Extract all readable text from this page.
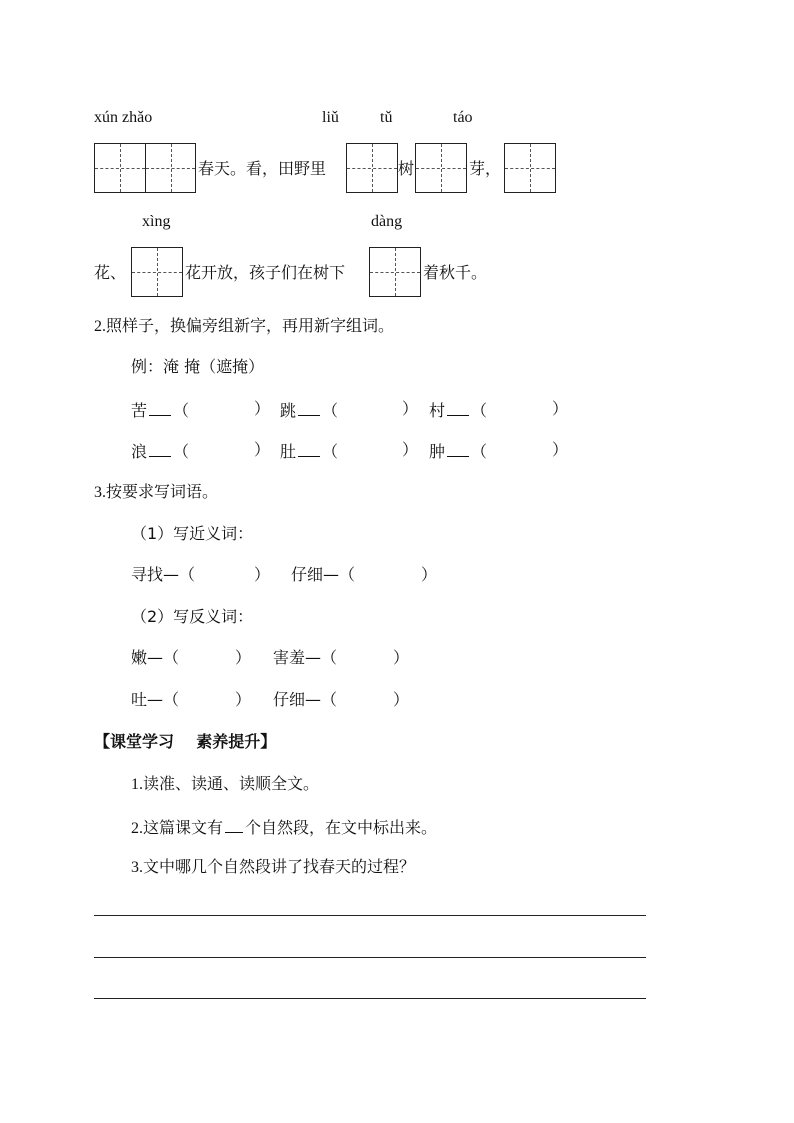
xún zhǎo	liǔ	tǔ	táo
春天。看，田野里	树	芽，
xìng	dàng
花、	花开放，孩子们在树下	着秋千。
2.照样子，换偏旁组新字，再用新字组词。
例：淹 掩（遮掩）
苦 （	） 跳 （	） 村 （	）
浪 （	） 肚 （	） 肿 （	）
3.按要求写词语。
（1）写近义词：
寻找—（	） 仔细—（	）
（2）写反义词：
嫩—（	） 害羞—（	）
吐—（	） 仔细—（	）
【课堂学习    素养提升】
1.读准、读通、读顺全文。
2.这篇课文有 个自然段，在文中标出来。
3.文中哪几个自然段讲了找春天的过程？
